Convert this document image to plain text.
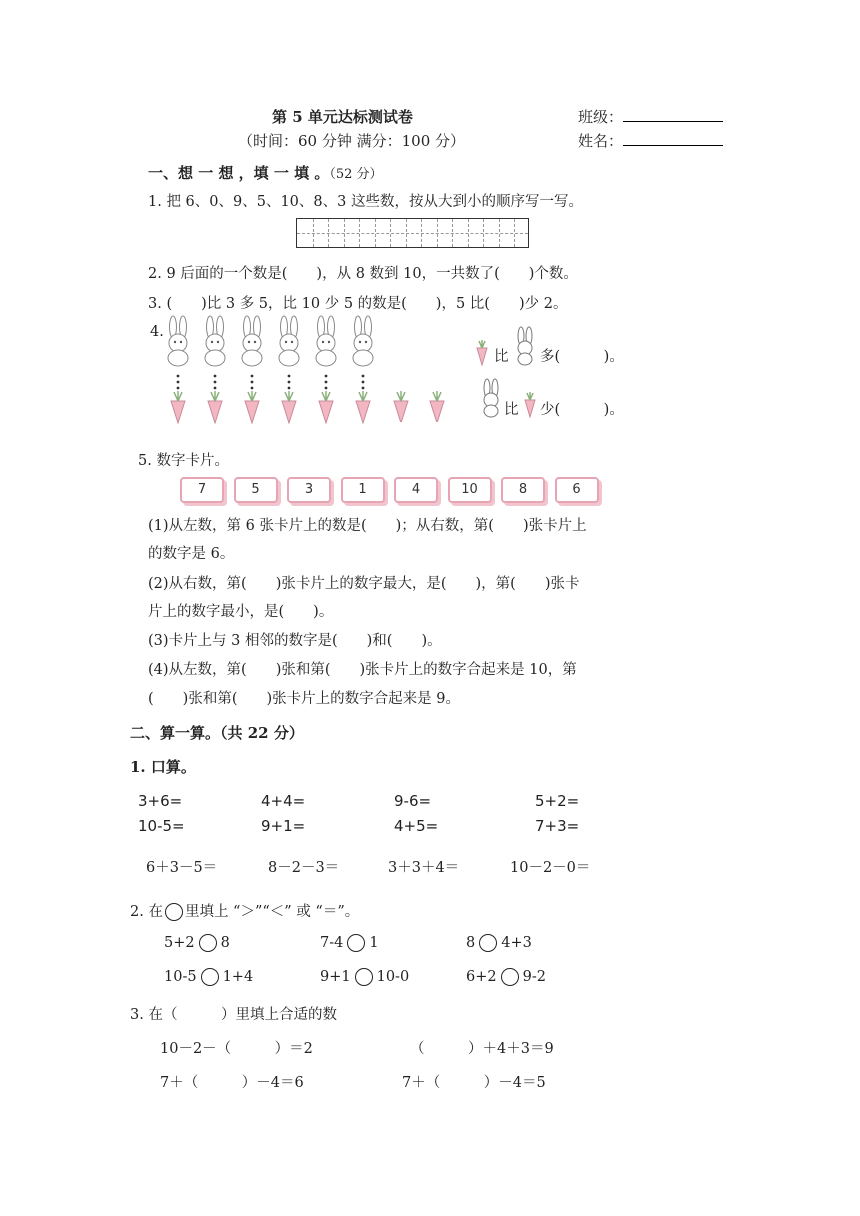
第 5 单元达标测试卷
（时间：60 分钟 满分：100 分）
班级：
姓名：
一、想 一 想 ，填 一 填 。（52 分）
1. 把 6、0、9、5、10、8、3 这些数，按从大到小的顺序写一写。
2. 9 后面的一个数是(　　)，从 8 数到 10，一共数了(　　)个数。
3. (　　)比 3 多 5，比 10 少 5 的数是(　　)，5 比(　　)少 2。
4.
比 多(　　　)。
比 少(　　　)。
5. 数字卡片。
7	5	3	1	4	10	8	6
(1)从左数，第 6 张卡片上的数是(　　)；从右数，第(　　)张卡片上
的数字是 6。
(2)从右数，第(　　)张卡片上的数字最大，是(　　)，第(　　)张卡
片上的数字最小，是(　　)。
(3)卡片上与 3 相邻的数字是(　　)和(　　)。
(4)从左数，第(　　)张和第(　　)张卡片上的数字合起来是 10，第
(　　)张和第(　　)张卡片上的数字合起来是 9。
二、算一算。（共 22 分）
1. 口算。
3+6=	4+4=	9-6=	5+2=
10-5=	9+1=	4+5=	7+3=
6＋3－5＝	8－2－3＝	3＋3＋4＝	10－2－0＝
2. 在 里填上 “＞”“＜” 或 “＝”。
5+2 8	7-4 1	8 4+3
10-5 1+4	9+1 10-0	6+2 9-2
3. 在（　　　）里填上合适的数
10－2－（　　　）＝2	（　　　）＋4＋3＝9
7＋（　　　）－4＝6	7＋（　　　）－4＝5
